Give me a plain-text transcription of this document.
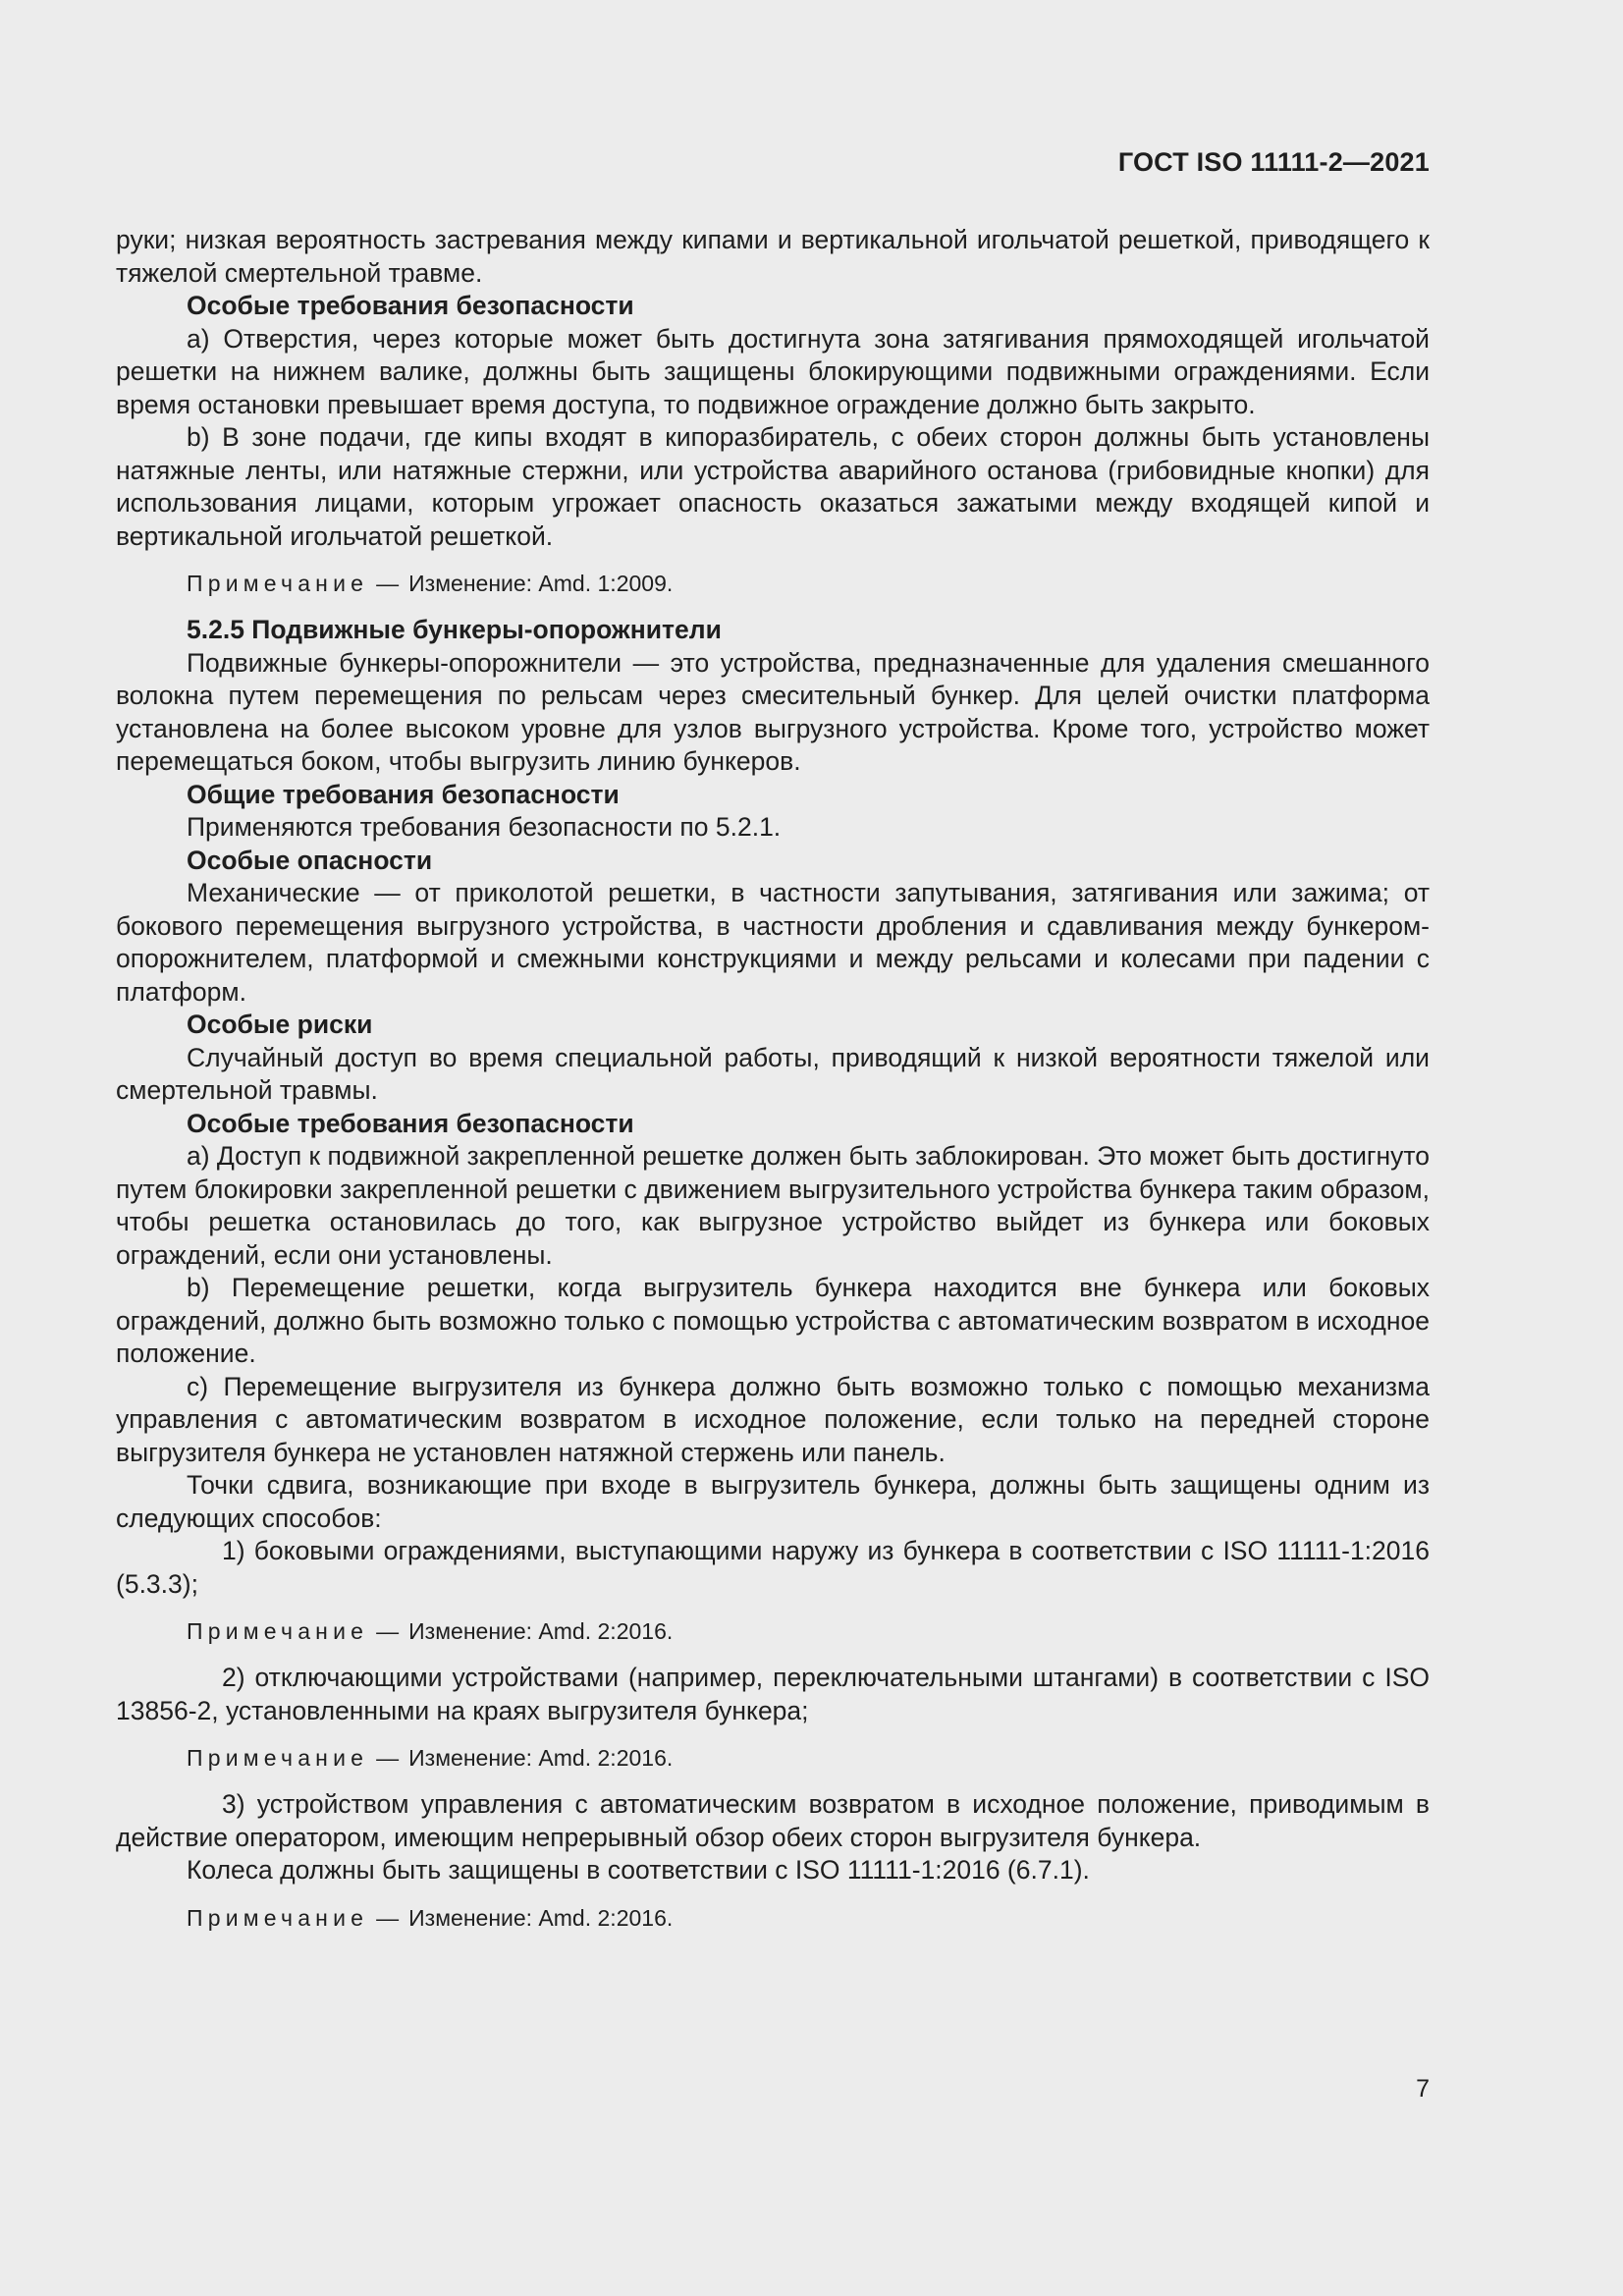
ГОСТ ISO 11111-2—2021

руки; низкая вероятность застревания между кипами и вертикальной игольчатой решеткой, приводящего к тяжелой смертельной травме.

Особые требования безопасности

a) Отверстия, через которые может быть достигнута зона затягивания прямоходящей игольчатой решетки на нижнем валике, должны быть защищены блокирующими подвижными ограждениями. Если время остановки превышает время доступа, то подвижное ограждение должно быть закрыто.

b) В зоне подачи, где кипы входят в кипоразбиратель, с обеих сторон должны быть установлены натяжные ленты, или натяжные стержни, или устройства аварийного останова (грибовидные кнопки) для использования лицами, которым угрожает опасность оказаться зажатыми между входящей кипой и вертикальной игольчатой решеткой.

Примечание — Изменение: Amd. 1:2009.

5.2.5 Подвижные бункеры-опорожнители

Подвижные бункеры-опорожнители — это устройства, предназначенные для удаления смешанного волокна путем перемещения по рельсам через смесительный бункер. Для целей очистки платформа установлена на более высоком уровне для узлов выгрузного устройства. Кроме того, устройство может перемещаться боком, чтобы выгрузить линию бункеров.

Общие требования безопасности

Применяются требования безопасности по 5.2.1.

Особые опасности

Механические — от приколотой решетки, в частности запутывания, затягивания или зажима; от бокового перемещения выгрузного устройства, в частности дробления и сдавливания между бункером-опорожнителем, платформой и смежными конструкциями и между рельсами и колесами при падении с платформ.

Особые риски

Случайный доступ во время специальной работы, приводящий к низкой вероятности тяжелой или смертельной травмы.

Особые требования безопасности

a) Доступ к подвижной закрепленной решетке должен быть заблокирован. Это может быть достигнуто путем блокировки закрепленной решетки с движением выгрузительного устройства бункера таким образом, чтобы решетка остановилась до того, как выгрузное устройство выйдет из бункера или боковых ограждений, если они установлены.

b) Перемещение решетки, когда выгрузитель бункера находится вне бункера или боковых ограждений, должно быть возможно только с помощью устройства с автоматическим возвратом в исходное положение.

c) Перемещение выгрузителя из бункера должно быть возможно только с помощью механизма управления с автоматическим возвратом в исходное положение, если только на передней стороне выгрузителя бункера не установлен натяжной стержень или панель.

Точки сдвига, возникающие при входе в выгрузитель бункера, должны быть защищены одним из следующих способов:

1) боковыми ограждениями, выступающими наружу из бункера в соответствии с ISO 11111-1:2016 (5.3.3);

Примечание — Изменение: Amd. 2:2016.

2) отключающими устройствами (например, переключательными штангами) в соответствии с ISO 13856-2, установленными на краях выгрузителя бункера;

Примечание — Изменение: Amd. 2:2016.

3) устройством управления с автоматическим возвратом в исходное положение, приводимым в действие оператором, имеющим непрерывный обзор обеих сторон выгрузителя бункера.

Колеса должны быть защищены в соответствии с ISO 11111-1:2016 (6.7.1).

Примечание — Изменение: Amd. 2:2016.

7
